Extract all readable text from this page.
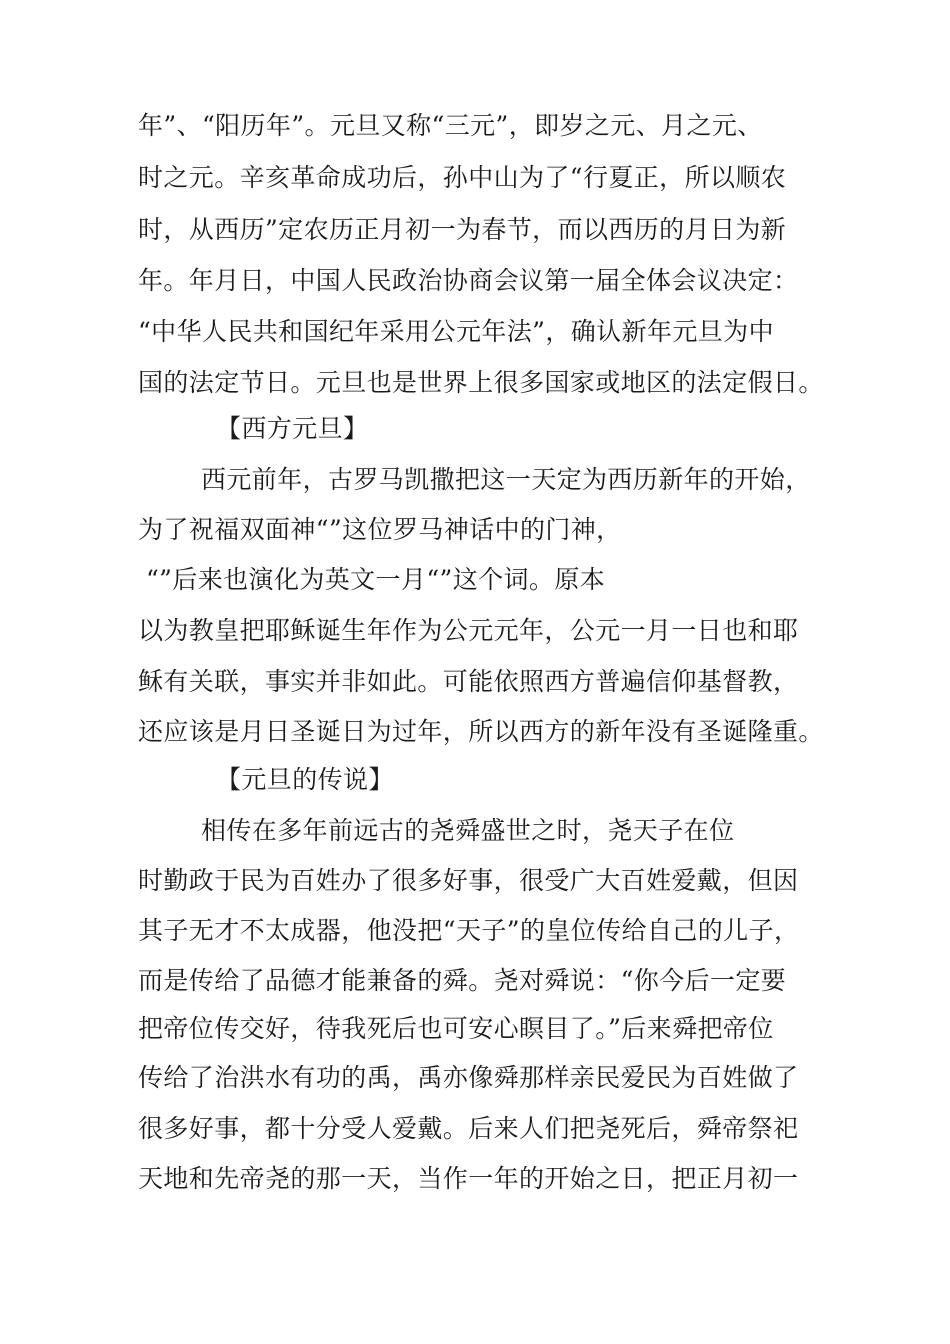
年”、“阳历年”。元旦又称“三元”，即岁之元、月之元、
时之元。辛亥革命成功后，孙中山为了“行夏正，所以顺农
时，从西历”定农历正月初一为春节，而以西历的月日为新
年。年月日，中国人民政治协商会议第一届全体会议决定：
“中华人民共和国纪年采用公元年法”，确认新年元旦为中
国的法定节日。元旦也是世界上很多国家或地区的法定假日。
【西方元旦】
西元前年，古罗马凯撒把这一天定为西历新年的开始，
为了祝福双面神“”这位罗马神话中的门神，
“”后来也演化为英文一月“”这个词。原本
以为教皇把耶稣诞生年作为公元元年，公元一月一日也和耶
稣有关联，事实并非如此。可能依照西方普遍信仰基督教，
还应该是月日圣诞日为过年，所以西方的新年没有圣诞隆重。
【元旦的传说】
相传在多年前远古的尧舜盛世之时，尧天子在位
时勤政于民为百姓办了很多好事，很受广大百姓爱戴，但因
其子无才不太成器，他没把“天子”的皇位传给自己的儿子，
而是传给了品德才能兼备的舜。尧对舜说：“你今后一定要
把帝位传交好，待我死后也可安心瞑目了。”后来舜把帝位
传给了治洪水有功的禹，禹亦像舜那样亲民爱民为百姓做了
很多好事，都十分受人爱戴。后来人们把尧死后，舜帝祭祀
天地和先帝尧的那一天，当作一年的开始之日，把正月初一
